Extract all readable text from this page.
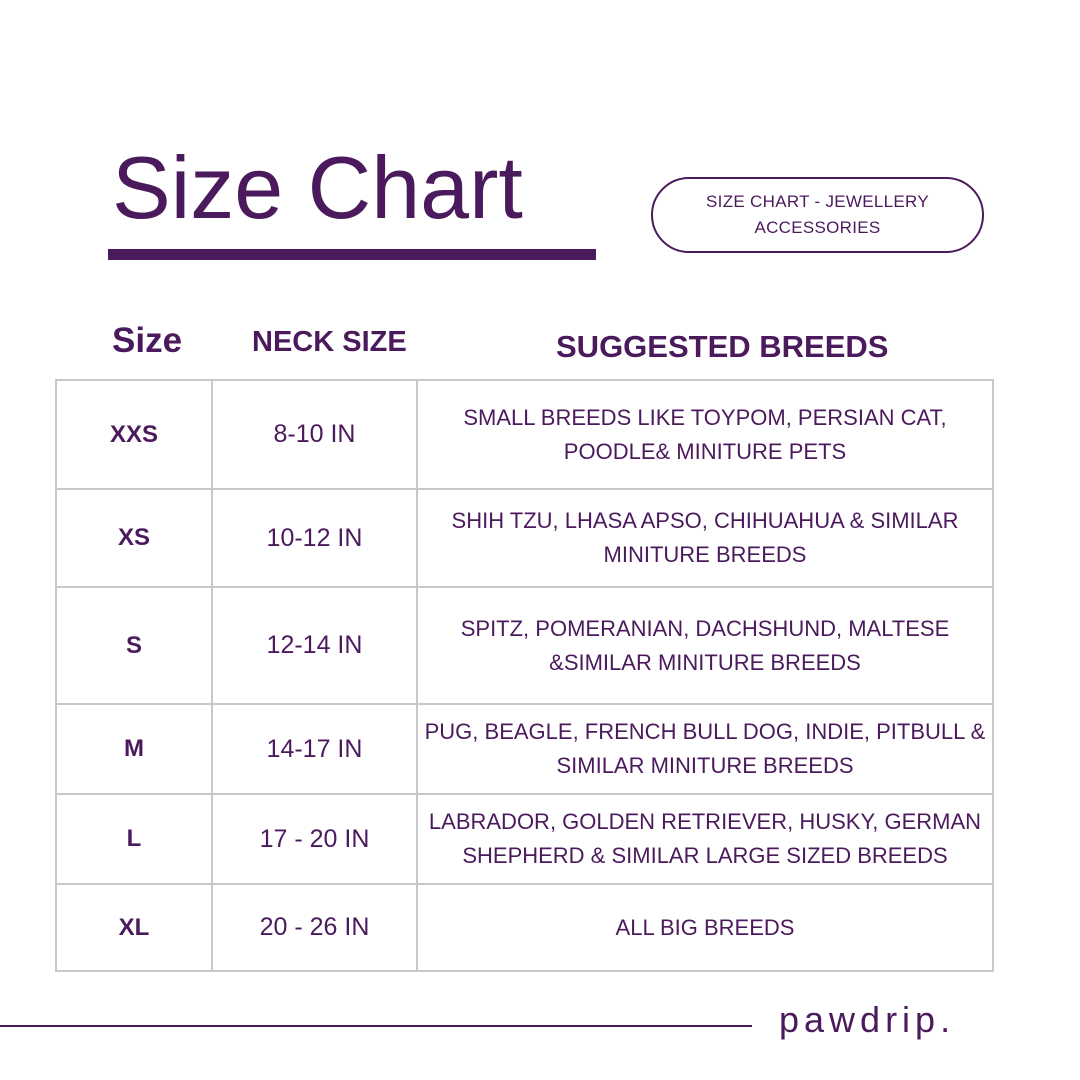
Size Chart	SIZE CHART - JEWELLERY ACCESSORIES
Size NECK SIZE	SUGGESTED BREEDS
XXS	8-10 IN	SMALL BREEDS LIKE TOYPOM, PERSIAN CAT, POODLE& MINITURE PETS
XS	10-12 IN	SHIH TZU, LHASA APSO, CHIHUAHUA & SIMILAR MINITURE BREEDS
S	12-14 IN	SPITZ, POMERANIAN, DACHSHUND, MALTESE &SIMILAR MINITURE BREEDS
M	14-17 IN	PUG, BEAGLE, FRENCH BULL DOG, INDIE, PITBULL & SIMILAR MINITURE BREEDS
L	17 - 20 IN	LABRADOR, GOLDEN RETRIEVER, HUSKY, GERMAN SHEPHERD & SIMILAR LARGE SIZED BREEDS
XL	20 - 26 IN	ALL BIG BREEDS
pawdrip.
